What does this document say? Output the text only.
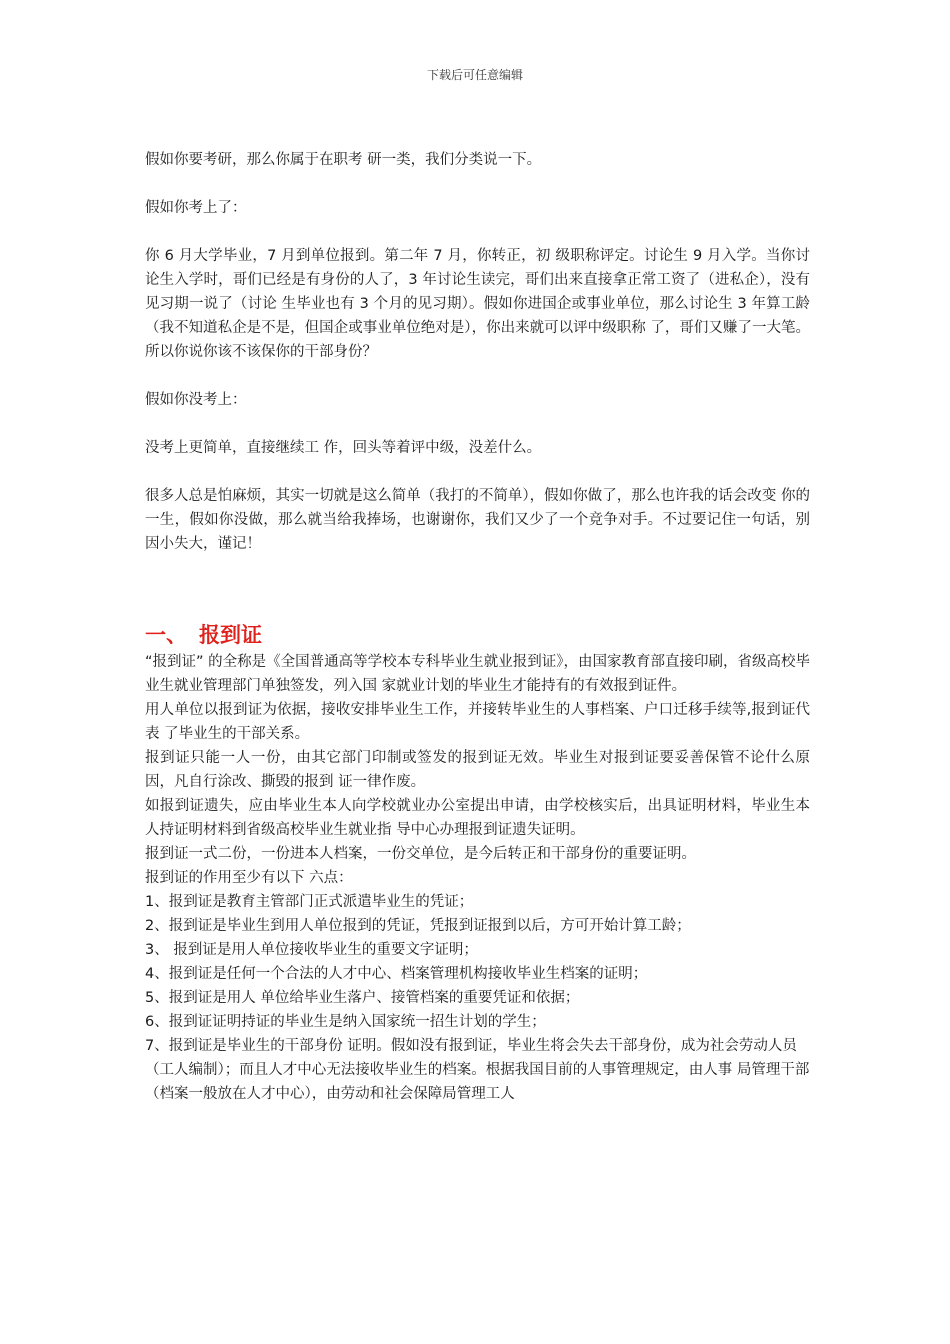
下载后可任意编辑

假如你要考研，那么你属于在职考 研一类，我们分类说一下。

假如你考上了：

你 6 月大学毕业，7 月到单位报到。第二年 7 月，你转正，初 级职称评定。讨论生 9 月入学。当你讨论生入学时，哥们已经是有身份的人了，3 年讨论生读完，哥们出来直接拿正常工资了（进私企），没有见习期一说了（讨论 生毕业也有 3 个月的见习期）。假如你进国企或事业单位，那么讨论生 3 年算工龄（我不知道私企是不是，但国企或事业单位绝对是），你出来就可以评中级职称 了，哥们又赚了一大笔。所以你说你该不该保你的干部身份？

假如你没考上：

没考上更简单，直接继续工 作，回头等着评中级，没差什么。

很多人总是怕麻烦，其实一切就是这么简单（我打的不简单），假如你做了，那么也许我的话会改变 你的一生，假如你没做，那么就当给我捧场，也谢谢你，我们又少了一个竞争对手。不过要记住一句话，别因小失大，谨记！

一、 报到证

“报到证” 的全称是《全国普通高等学校本专科毕业生就业报到证》，由国家教育部直接印刷，省级高校毕业生就业管理部门单独签发，列入国 家就业计划的毕业生才能持有的有效报到证件。

用人单位以报到证为依据，接收安排毕业生工作，并接转毕业生的人事档案、户口迁移手续等,报到证代表 了毕业生的干部关系。

报到证只能一人一份，由其它部门印制或签发的报到证无效。毕业生对报到证要妥善保管不论什么原因，凡自行涂改、撕毁的报到 证一律作废。

如报到证遗失，应由毕业生本人向学校就业办公室提出申请，由学校核实后，出具证明材料，毕业生本人持证明材料到省级高校毕业生就业指 导中心办理报到证遗失证明。

报到证一式二份，一份进本人档案，一份交单位，是今后转正和干部身份的重要证明。

报到证的作用至少有以下 六点：

1、报到证是教育主管部门正式派遣毕业生的凭证；

2、报到证是毕业生到用人单位报到的凭证，凭报到证报到以后，方可开始计算工龄；

3、 报到证是用人单位接收毕业生的重要文字证明；

4、报到证是任何一个合法的人才中心、档案管理机构接收毕业生档案的证明；

5、报到证是用人 单位给毕业生落户、接管档案的重要凭证和依据；

6、报到证证明持证的毕业生是纳入国家统一招生计划的学生；

7、报到证是毕业生的干部身份 证明。假如没有报到证，毕业生将会失去干部身份，成为社会劳动人员（工人编制）；而且人才中心无法接收毕业生的档案。根据我国目前的人事管理规定，由人事 局管理干部（档案一般放在人才中心），由劳动和社会保障局管理工人
